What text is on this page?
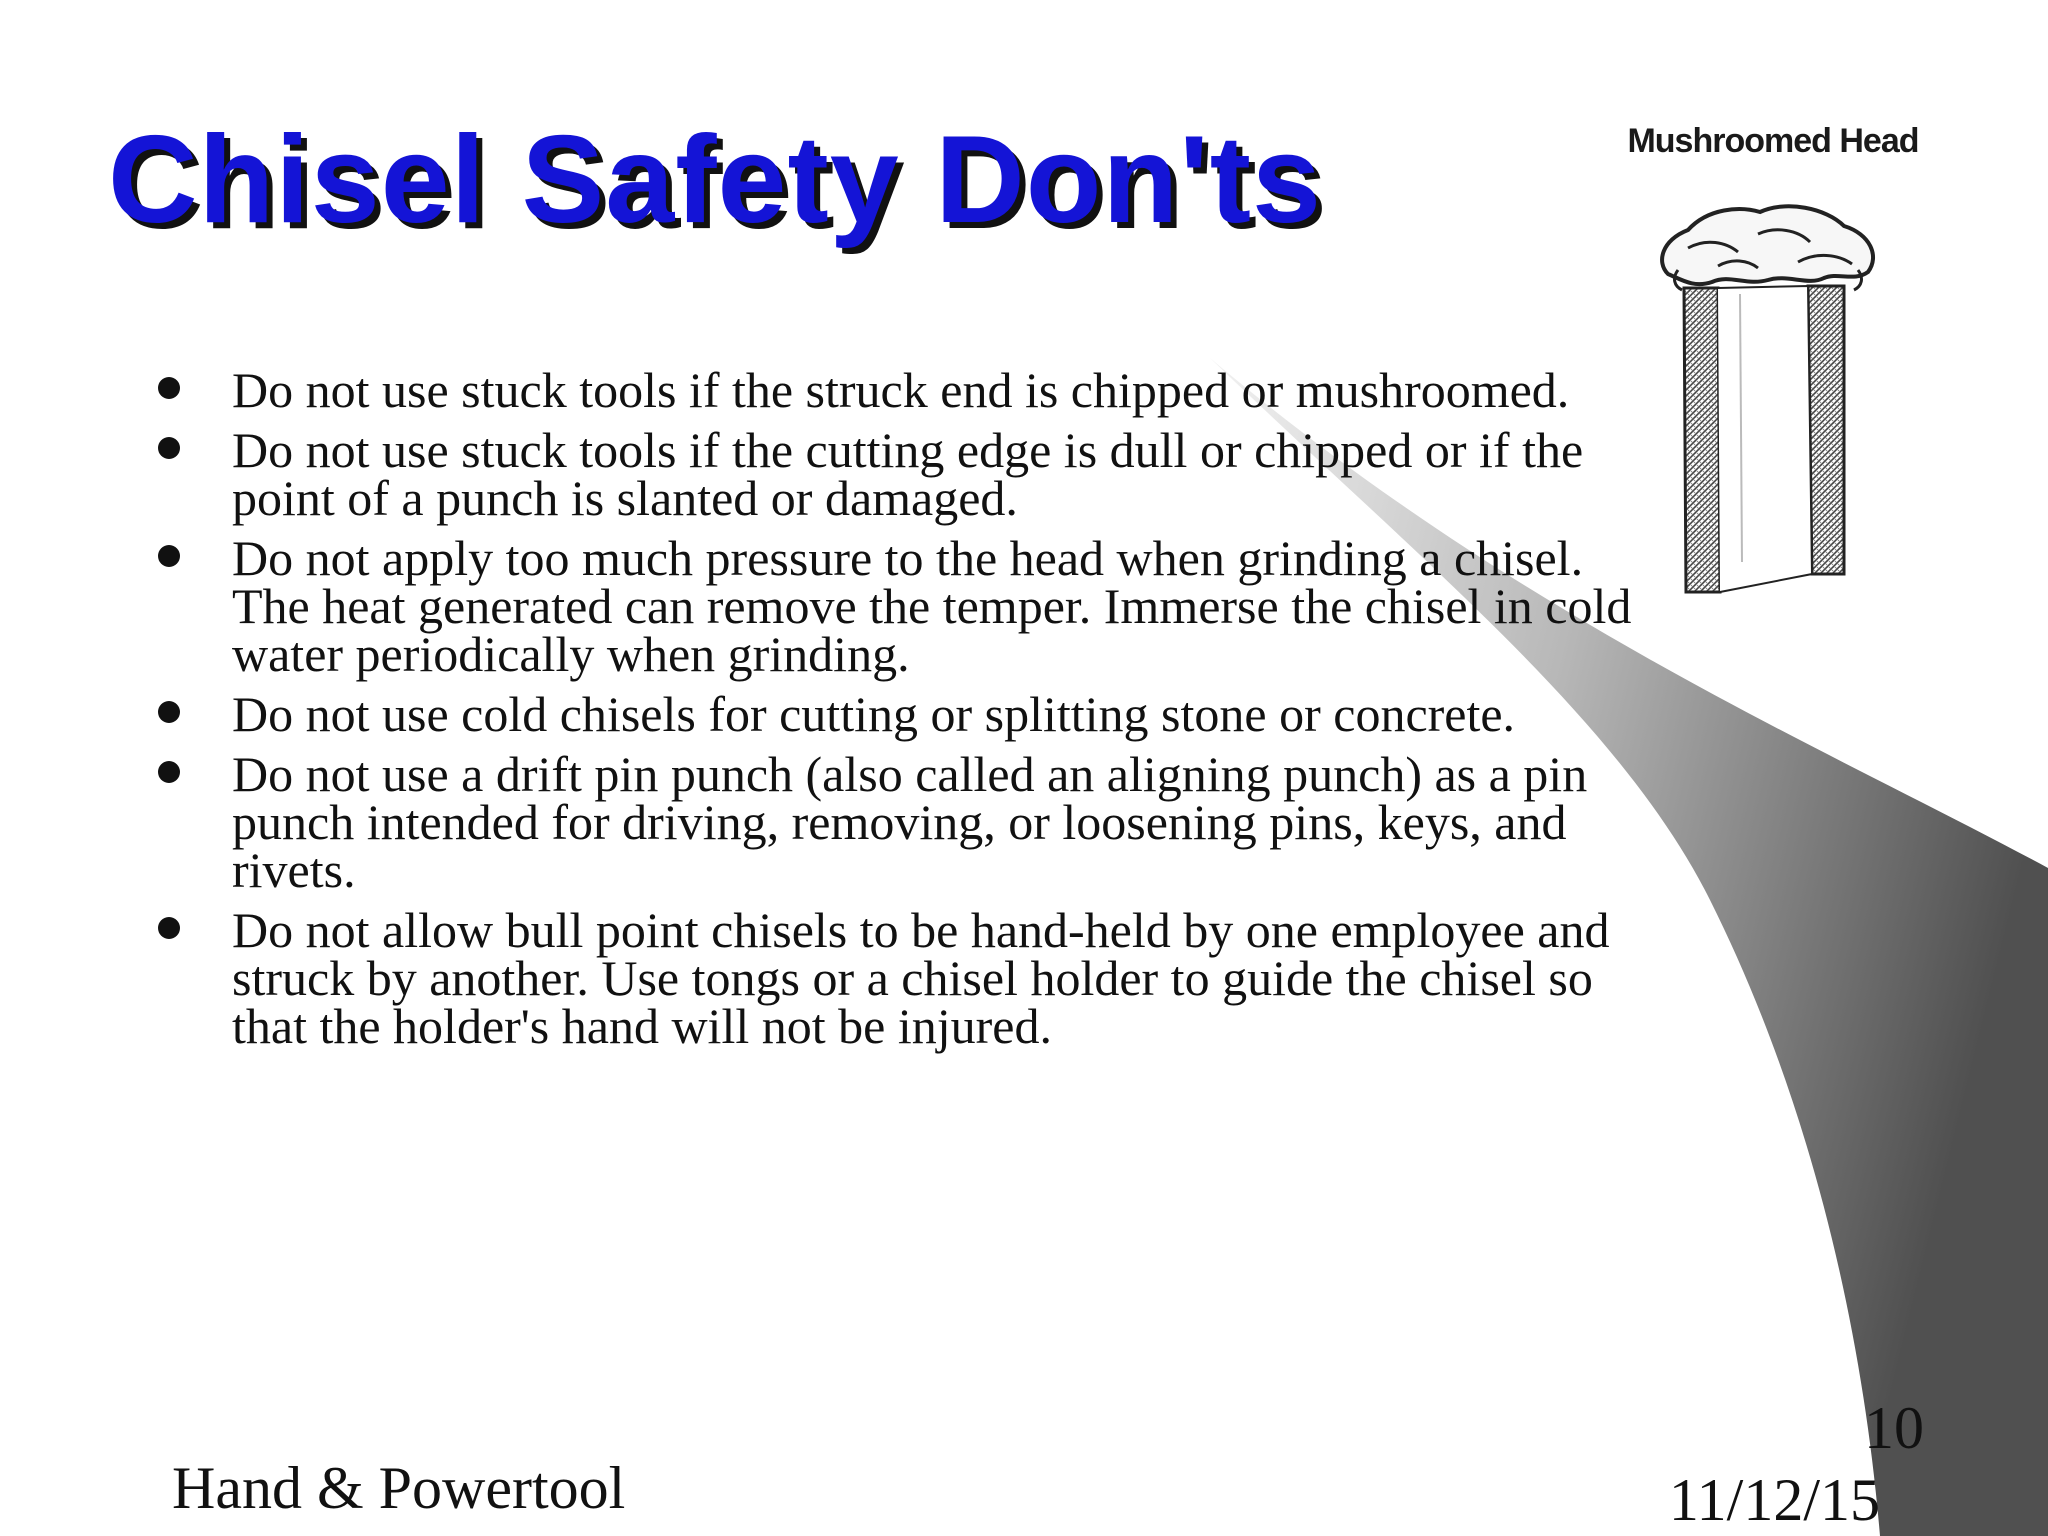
Chisel Safety Don'ts
Do not use stuck tools if the struck end is chipped or mushroomed.
Do not use stuck tools if the cutting edge is dull or chipped or if the point of a punch is slanted or damaged.
Do not apply too much pressure to the head when grinding a chisel. The heat generated can remove the temper. Immerse the chisel in cold water periodically when grinding.
Do not use cold chisels for cutting or splitting stone or concrete.
Do not use a drift pin punch (also called an aligning punch) as a pin punch intended for driving, removing, or loosening pins, keys, and rivets.
Do not allow bull point chisels to be hand-held by one employee and struck by another. Use tongs or a chisel holder to guide the chisel so that the holder's hand will not be injured.
Mushroomed Head
Hand & Powertool
10
11/12/15
